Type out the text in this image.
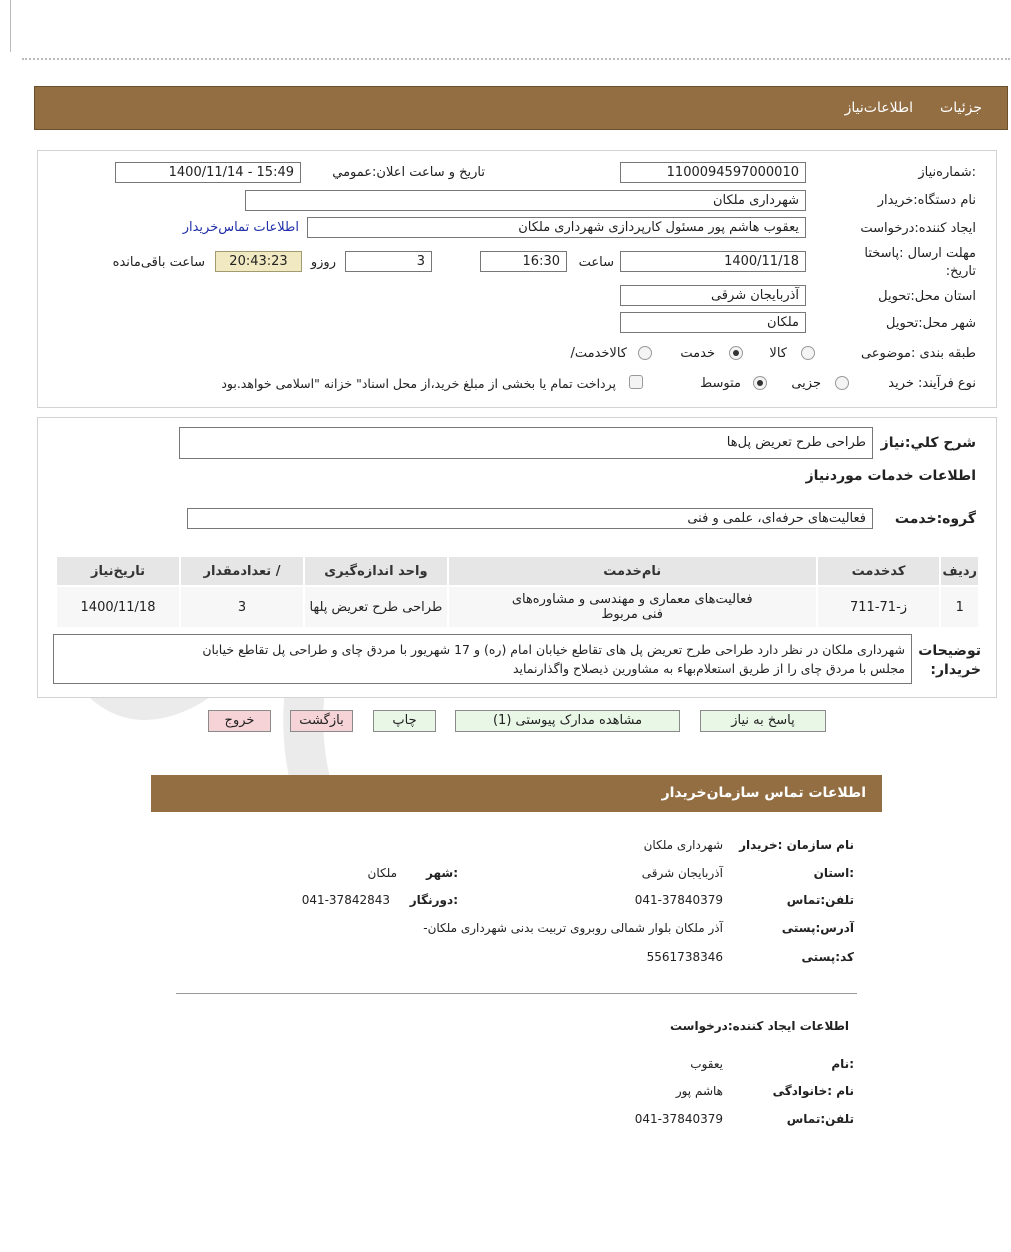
جزئیات
اطلاعات‌نیاز
شماره‌نیاز:
1100094597000010
تاریخ و ساعت اعلان:عمومي
1400/11/14 - 15:49
نام دستگاه:خریدار
شهرداری ملکان
ایجاد کننده:درخواست
یعقوب هاشم پور مسئول کارپردازی شهرداری ملکان
اطلاعات تماس‌خریدار
مهلت ارسال :پاسختا
:تاریخ
1400/11/18
ساعت
16:30
3
روزو
20:43:23
ساعت باقی‌مانده
استان محل:تحویل
آذربایجان شرقی
شهر محل:تحویل
ملکان
طبقه بندی :موضوعی
کالا
خدمت
/کالاخدمت
نوع فرآیند: خرید
جزیی
متوسط
پرداخت تمام یا بخشی از مبلغ خرید،از محل اسناد" خزانه "اسلامی خواهد.بود
شرح کلي:نیاز
طراحی طرح تعریض پل‌ها
اطلاعات خدمات موردنیاز
گروه:خدمت
فعالیت‌های حرفه‌ای، علمی و فنی
ردیف	کدخدمت	نام‌خدمت	واحد اندازه‌گیری	/ تعدادمقدار	تاریخ‌نیاز
1	ز-71-711	فعالیت‌های معماری و مهندسی و مشاوره‌های
فنی مربوط	طراحی طرح تعریض پلها	3	1400/11/18
توضیحات
:خریدار
شهرداری ملکان در نظر دارد طراحی طرح تعریض پل های تقاطع خیابان امام (ره) و 17 شهریور با مردق چای و طراحی پل تقاطع خیابان
مجلس با مردق چای را از طریق استعلام‌بهاء به مشاورین ذیصلاح واگذارنماید
پاسخ به نیاز
مشاهده مدارک پیوستی (1)
چاپ
بازگشت
خروج
اطلاعات تماس سازمان‌خریدار
نام سازمان :خریدار
شهرداری ملکان
استان:
آذربایجان شرقی
شهر:
ملکان
تلفن:تماس
041-37840379
دورنگار:
041-37842843
آدرس:پستی
-آذر ملکان بلوار شمالی روبروی تربیت بدنی شهرداری ملکان
کد:پستی
5561738346
اطلاعات ایجاد کننده:درخواست
نام:
یعقوب
نام :خانوادگی
هاشم پور
تلفن:تماس
041-37840379
